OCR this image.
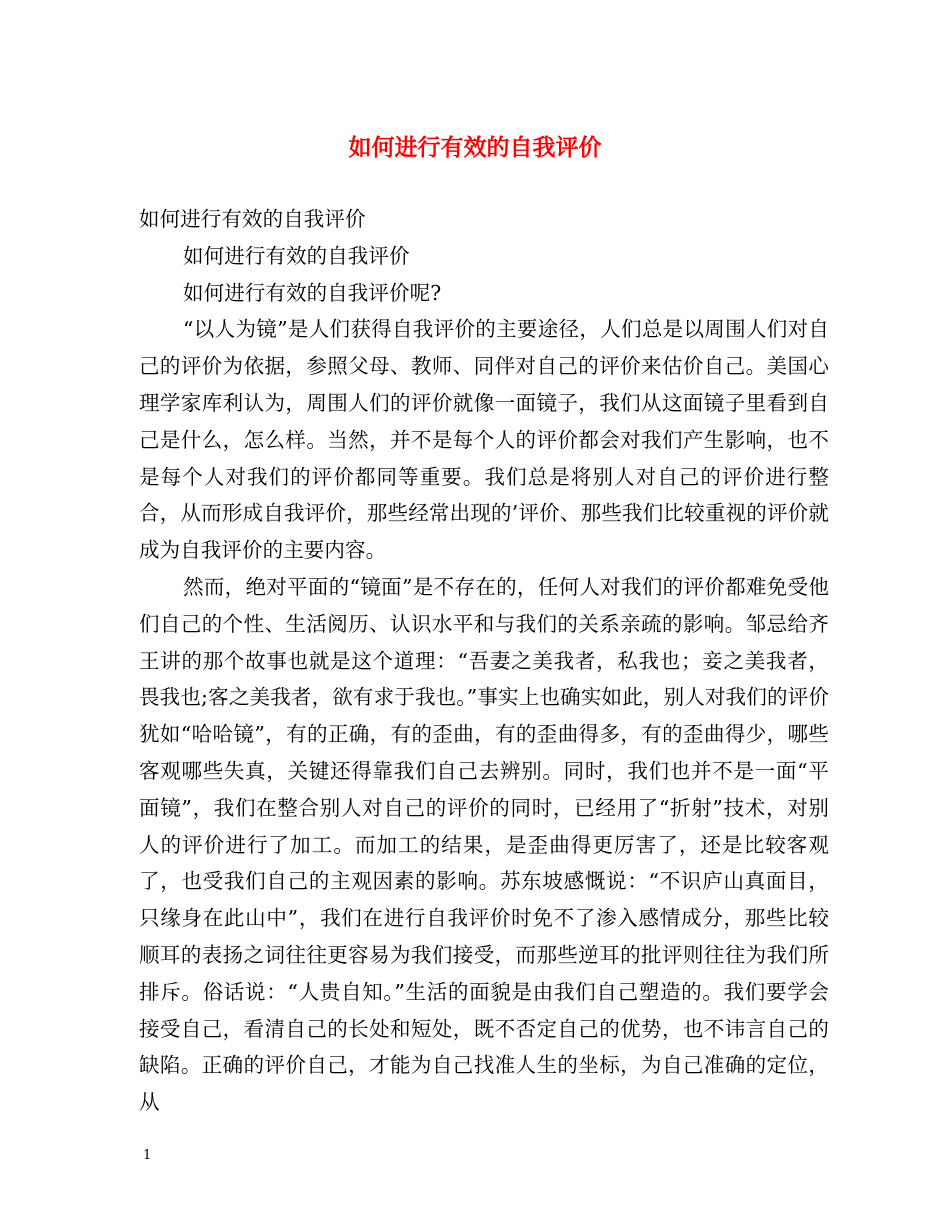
如何进行有效的自我评价

如何进行有效的自我评价

如何进行有效的自我评价

如何进行有效的自我评价呢?

“以人为镜”是人们获得自我评价的主要途径，人们总是以周围人们对自己的评价为依据，参照父母、教师、同伴对自己的评价来估价自己。美国心理学家库利认为，周围人们的评价就像一面镜子，我们从这面镜子里看到自己是什么，怎么样。当然，并不是每个人的评价都会对我们产生影响，也不是每个人对我们的评价都同等重要。我们总是将别人对自己的评价进行整合，从而形成自我评价，那些经常出现的’评价、那些我们比较重视的评价就成为自我评价的主要内容。

然而，绝对平面的“镜面”是不存在的，任何人对我们的评价都难免受他们自己的个性、生活阅历、认识水平和与我们的关系亲疏的影响。邹忌给齐王讲的那个故事也就是这个道理：“吾妻之美我者，私我也；妾之美我者，畏我也;客之美我者，欲有求于我也。”事实上也确实如此，别人对我们的评价犹如“哈哈镜”，有的正确，有的歪曲，有的歪曲得多，有的歪曲得少，哪些客观哪些失真，关键还得靠我们自己去辨别。同时，我们也并不是一面“平面镜”，我们在整合别人对自己的评价的同时，已经用了“折射”技术，对别人的评价进行了加工。而加工的结果，是歪曲得更厉害了，还是比较客观了，也受我们自己的主观因素的影响。苏东坡感慨说：“不识庐山真面目，只缘身在此山中”，我们在进行自我评价时免不了渗入感情成分，那些比较顺耳的表扬之词往往更容易为我们接受，而那些逆耳的批评则往往为我们所排斥。俗话说：“人贵自知。”生活的面貌是由我们自己塑造的。我们要学会接受自己，看清自己的长处和短处，既不否定自己的优势，也不讳言自己的缺陷。正确的评价自己，才能为自己找准人生的坐标，为自己准确的定位，从

1
